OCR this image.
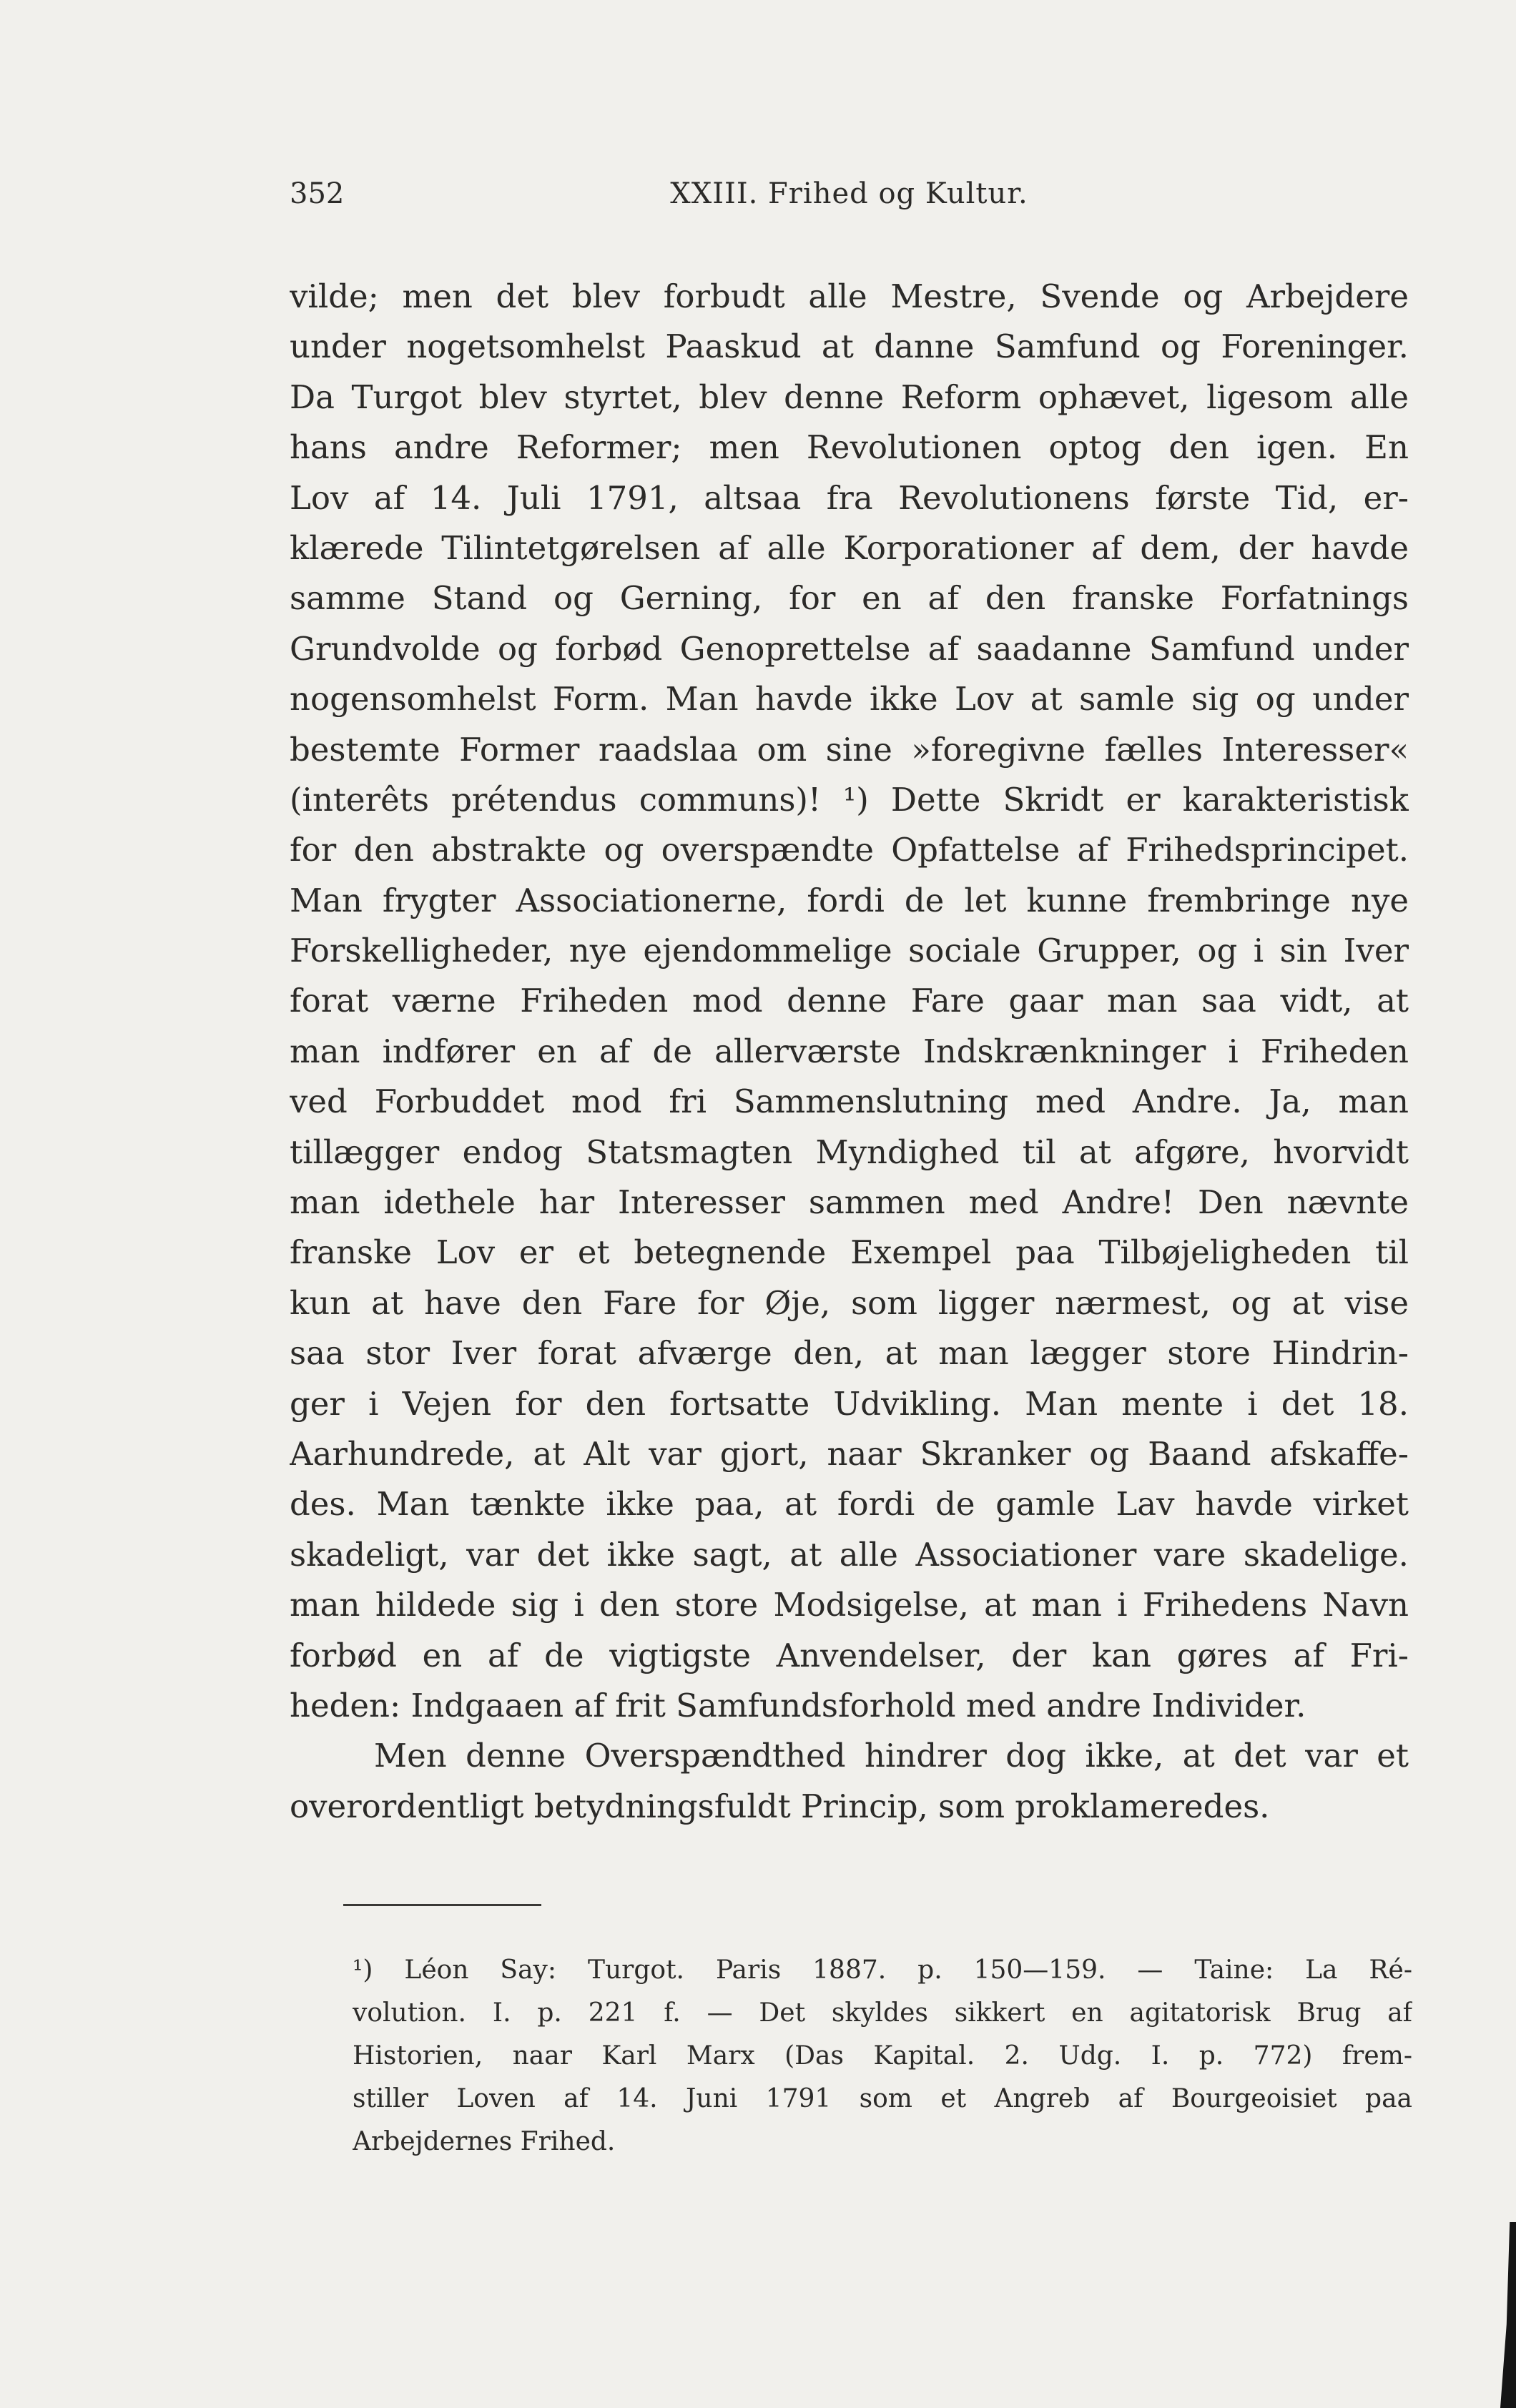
352	XXIII. Frihed og Kultur.
vilde; men det blev forbudt alle Mestre, Svende og Arbejdere
under nogetsomhelst Paaskud at danne Samfund og Foreninger.
Da Turgot blev styrtet, blev denne Reform ophævet, ligesom alle
hans andre Reformer; men Revolutionen optog den igen. En
Lov af 14. Juli 1791, altsaa fra Revolutionens første Tid, er-
klærede Tilintetgørelsen af alle Korporationer af dem, der havde
samme Stand og Gerning, for en af den franske Forfatnings
Grundvolde og forbød Genoprettelse af saadanne Samfund under
nogensomhelst Form. Man havde ikke Lov at samle sig og under
bestemte Former raadslaa om sine »foregivne fælles Interesser«
(interêts prétendus communs)! ¹) Dette Skridt er karakteristisk
for den abstrakte og overspændte Opfattelse af Frihedsprincipet.
Man frygter Associationerne, fordi de let kunne frembringe nye
Forskelligheder, nye ejendommelige sociale Grupper, og i sin Iver
forat værne Friheden mod denne Fare gaar man saa vidt, at
man indfører en af de allerværste Indskrænkninger i Friheden
ved Forbuddet mod fri Sammenslutning med Andre. Ja, man
tillægger endog Statsmagten Myndighed til at afgøre, hvorvidt
man idethele har Interesser sammen med Andre! Den nævnte
franske Lov er et betegnende Exempel paa Tilbøjeligheden til
kun at have den Fare for Øje, som ligger nærmest, og at vise
saa stor Iver forat afværge den, at man lægger store Hindrin-
ger i Vejen for den fortsatte Udvikling. Man mente i det 18.
Aarhundrede, at Alt var gjort, naar Skranker og Baand afskaffe-
des. Man tænkte ikke paa, at fordi de gamle Lav havde virket
skadeligt, var det ikke sagt, at alle Associationer vare skadelige.
man hildede sig i den store Modsigelse, at man i Frihedens Navn
forbød en af de vigtigste Anvendelser, der kan gøres af Fri-
heden: Indgaaen af frit Samfundsforhold med andre Individer.
Men denne Overspændthed hindrer dog ikke, at det var et
overordentligt betydningsfuldt Princip, som proklameredes.
¹) Léon Say: Turgot. Paris 1887. p. 150—159. — Taine: La Ré-
volution. I. p. 221 f. — Det skyldes sikkert en agitatorisk Brug af
Historien, naar Karl Marx (Das Kapital. 2. Udg. I. p. 772) frem-
stiller Loven af 14. Juni 1791 som et Angreb af Bourgeoisiet paa
Arbejdernes Frihed.
